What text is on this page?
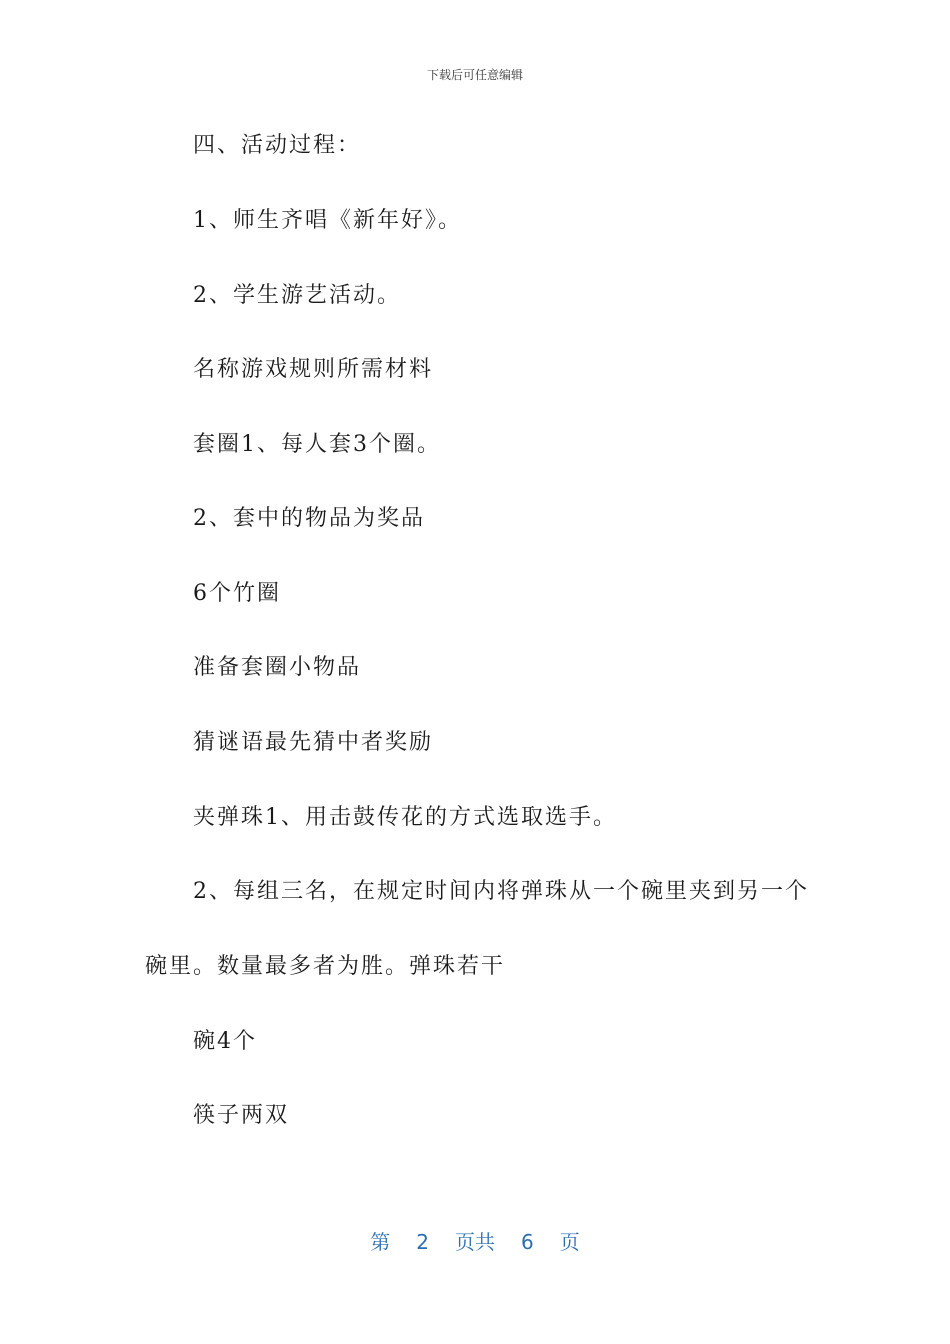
下载后可任意编辑
四、活动过程：
1、师生齐唱《新年好》。
2、学生游艺活动。
名称游戏规则所需材料
套圈1、每人套3个圈。
2、套中的物品为奖品
6个竹圈
准备套圈小物品
猜谜语最先猜中者奖励
夹弹珠1、用击鼓传花的方式选取选手。
2、每组三名，在规定时间内将弹珠从一个碗里夹到另一个
碗里。数量最多者为胜。弹珠若干
碗4个
筷子两双
第 2 页共 6 页
